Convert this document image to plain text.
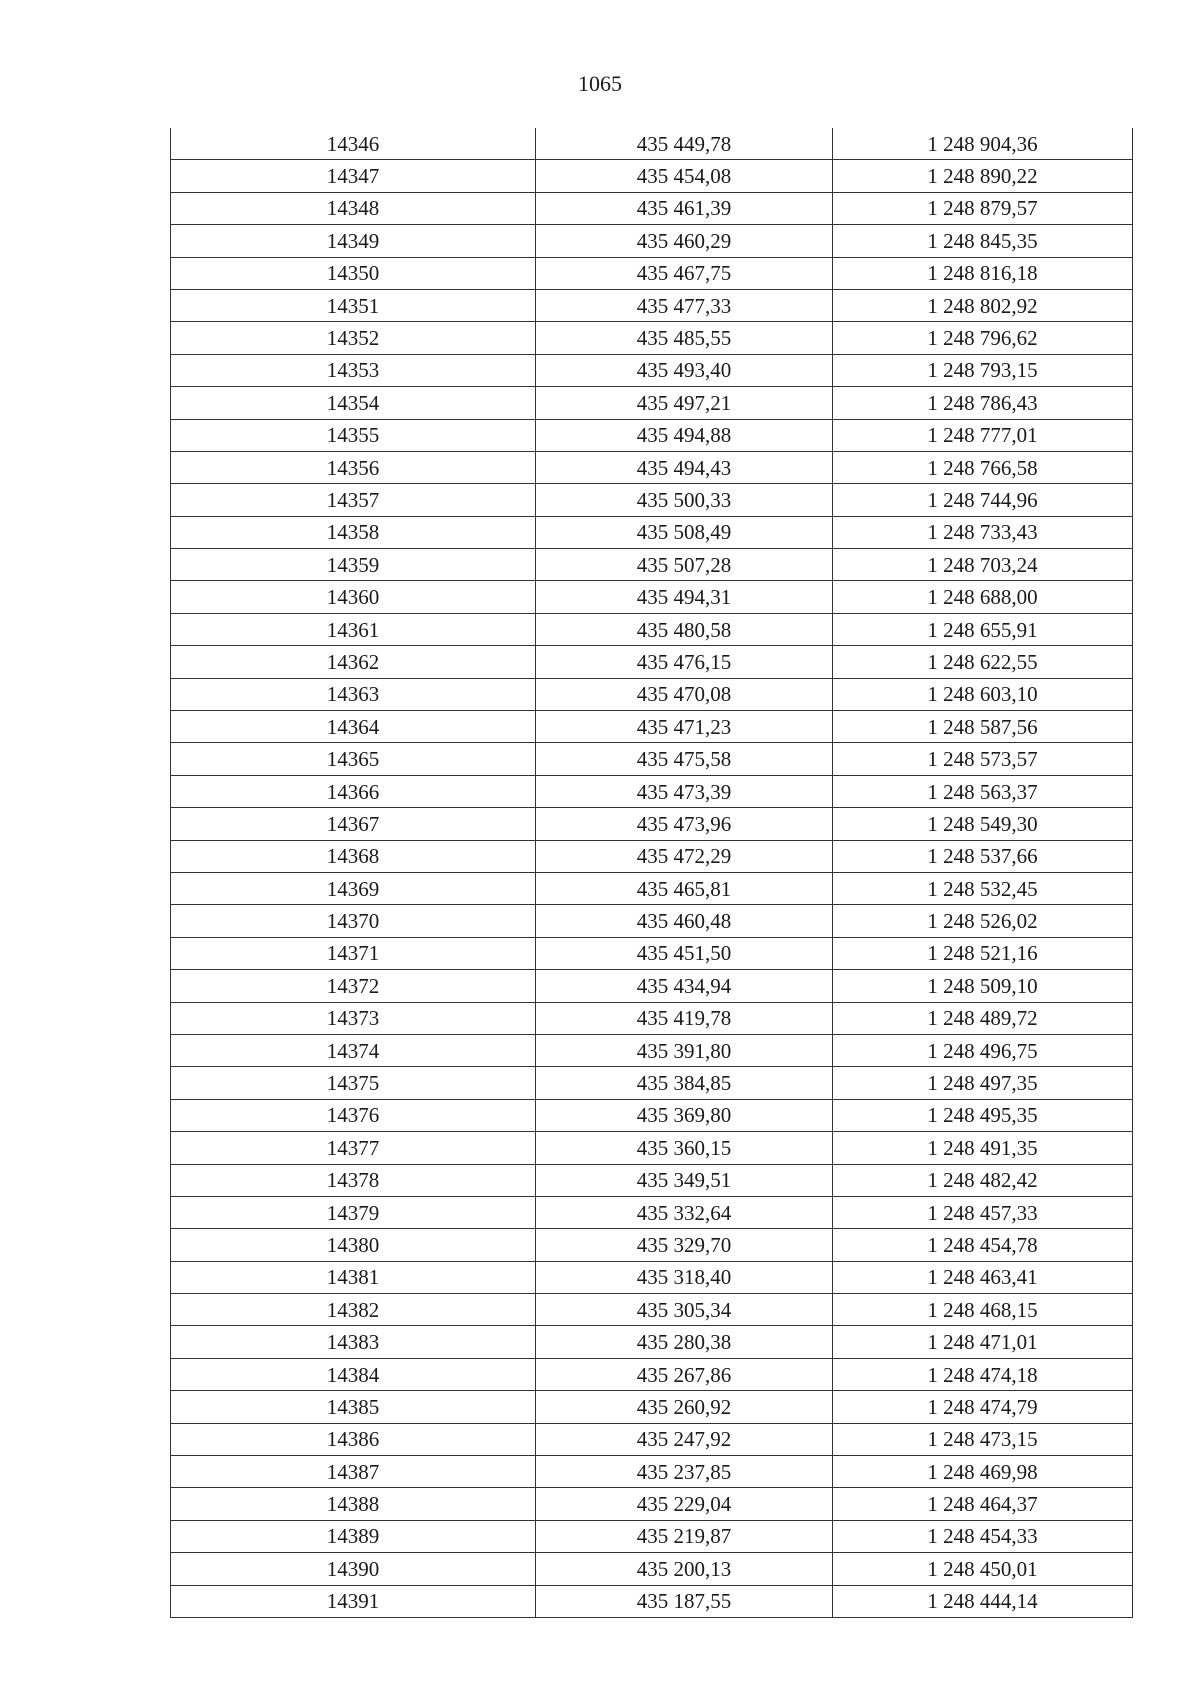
1065
14346	435 449,78	1 248 904,36
14347	435 454,08	1 248 890,22
14348	435 461,39	1 248 879,57
14349	435 460,29	1 248 845,35
14350	435 467,75	1 248 816,18
14351	435 477,33	1 248 802,92
14352	435 485,55	1 248 796,62
14353	435 493,40	1 248 793,15
14354	435 497,21	1 248 786,43
14355	435 494,88	1 248 777,01
14356	435 494,43	1 248 766,58
14357	435 500,33	1 248 744,96
14358	435 508,49	1 248 733,43
14359	435 507,28	1 248 703,24
14360	435 494,31	1 248 688,00
14361	435 480,58	1 248 655,91
14362	435 476,15	1 248 622,55
14363	435 470,08	1 248 603,10
14364	435 471,23	1 248 587,56
14365	435 475,58	1 248 573,57
14366	435 473,39	1 248 563,37
14367	435 473,96	1 248 549,30
14368	435 472,29	1 248 537,66
14369	435 465,81	1 248 532,45
14370	435 460,48	1 248 526,02
14371	435 451,50	1 248 521,16
14372	435 434,94	1 248 509,10
14373	435 419,78	1 248 489,72
14374	435 391,80	1 248 496,75
14375	435 384,85	1 248 497,35
14376	435 369,80	1 248 495,35
14377	435 360,15	1 248 491,35
14378	435 349,51	1 248 482,42
14379	435 332,64	1 248 457,33
14380	435 329,70	1 248 454,78
14381	435 318,40	1 248 463,41
14382	435 305,34	1 248 468,15
14383	435 280,38	1 248 471,01
14384	435 267,86	1 248 474,18
14385	435 260,92	1 248 474,79
14386	435 247,92	1 248 473,15
14387	435 237,85	1 248 469,98
14388	435 229,04	1 248 464,37
14389	435 219,87	1 248 454,33
14390	435 200,13	1 248 450,01
14391	435 187,55	1 248 444,14
